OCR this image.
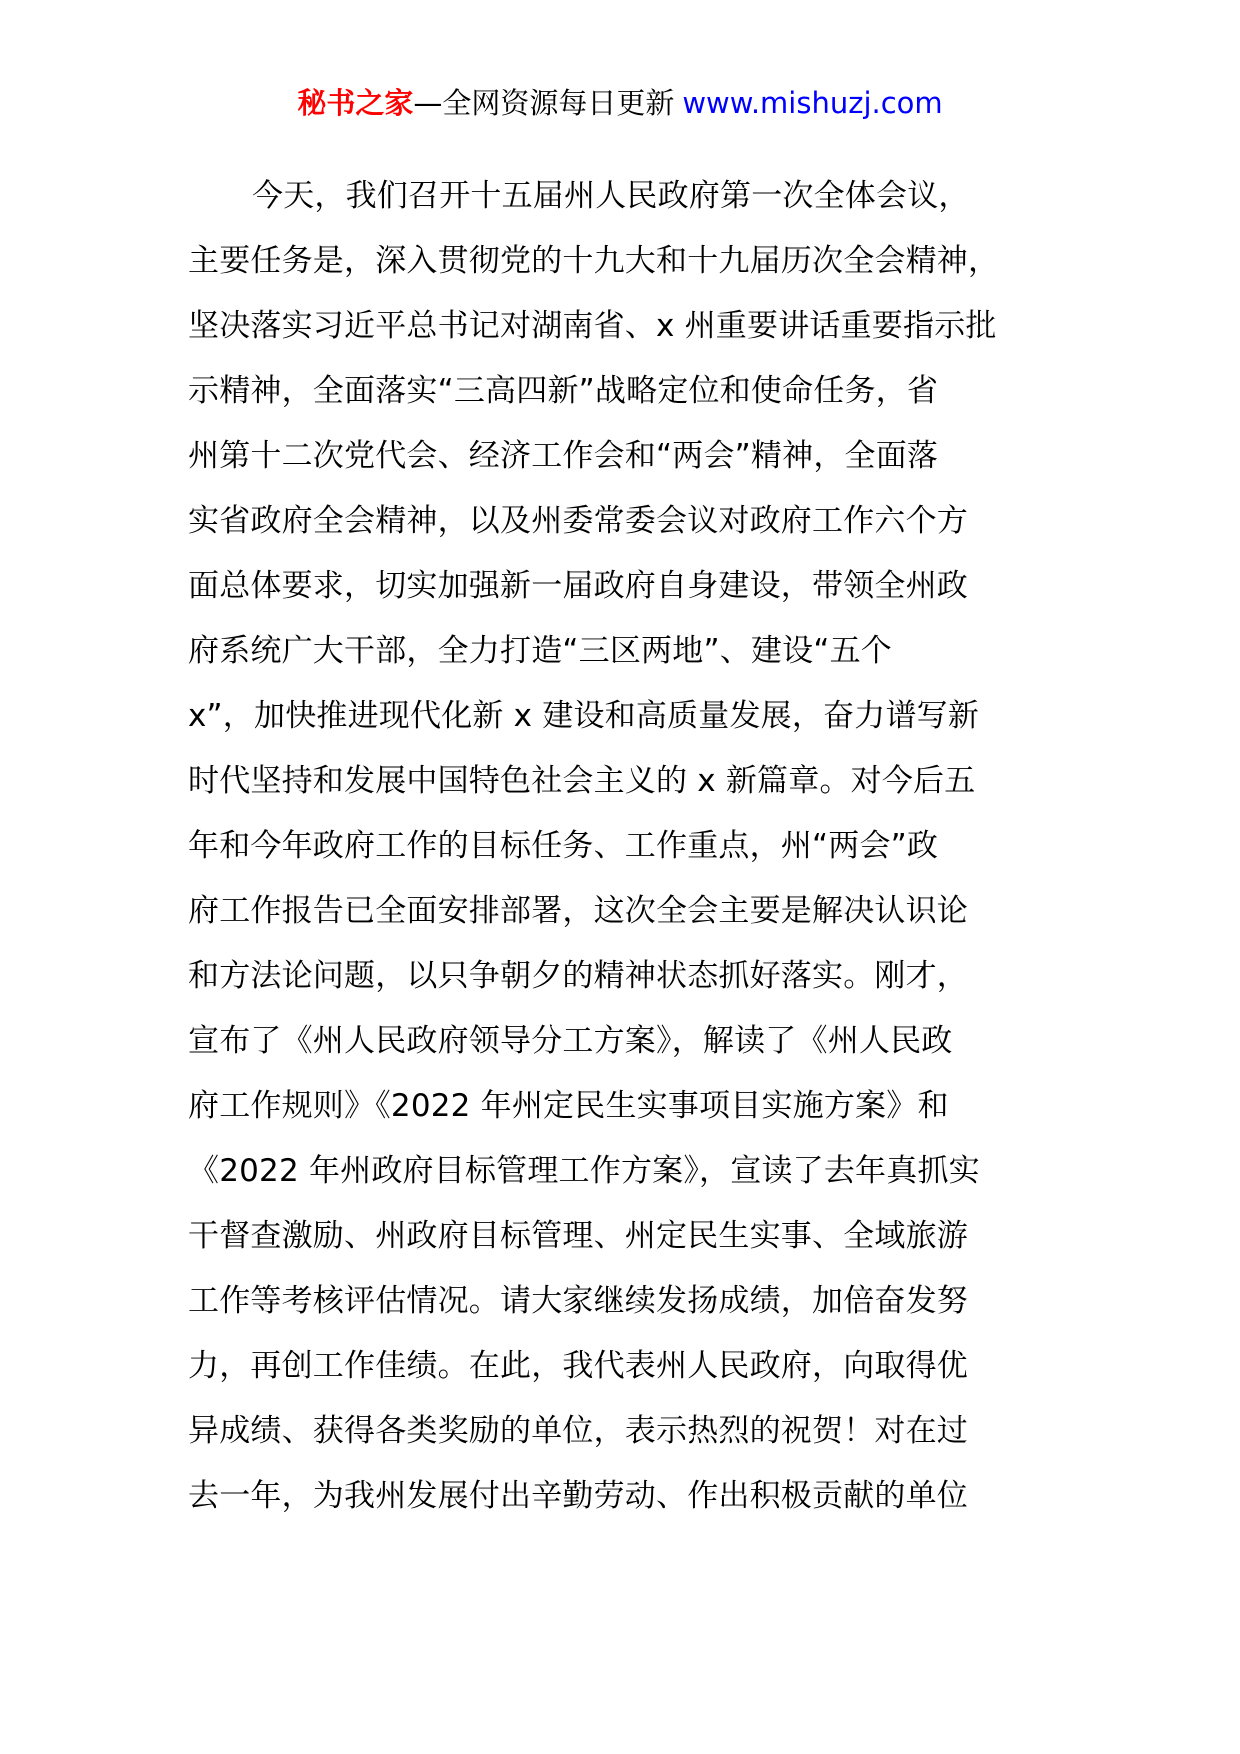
秘书之家—全网资源每日更新 www.mishuzj.com
今天，我们召开十五届州人民政府第一次全体会议，
主要任务是，深入贯彻党的十九大和十九届历次全会精神，
坚决落实习近平总书记对湖南省、x 州重要讲话重要指示批
示精神，全面落实“三高四新”战略定位和使命任务，省
州第十二次党代会、经济工作会和“两会”精神，全面落
实省政府全会精神，以及州委常委会议对政府工作六个方
面总体要求，切实加强新一届政府自身建设，带领全州政
府系统广大干部，全力打造“三区两地”、建设“五个
x”，加快推进现代化新 x 建设和高质量发展，奋力谱写新
时代坚持和发展中国特色社会主义的 x 新篇章。对今后五
年和今年政府工作的目标任务、工作重点，州“两会”政
府工作报告已全面安排部署，这次全会主要是解决认识论
和方法论问题，以只争朝夕的精神状态抓好落实。刚才，
宣布了《州人民政府领导分工方案》，解读了《州人民政
府工作规则》《2022 年州定民生实事项目实施方案》和
《2022 年州政府目标管理工作方案》，宣读了去年真抓实
干督查激励、州政府目标管理、州定民生实事、全域旅游
工作等考核评估情况。请大家继续发扬成绩，加倍奋发努
力，再创工作佳绩。在此，我代表州人民政府，向取得优
异成绩、获得各类奖励的单位，表示热烈的祝贺！对在过
去一年，为我州发展付出辛勤劳动、作出积极贡献的单位
